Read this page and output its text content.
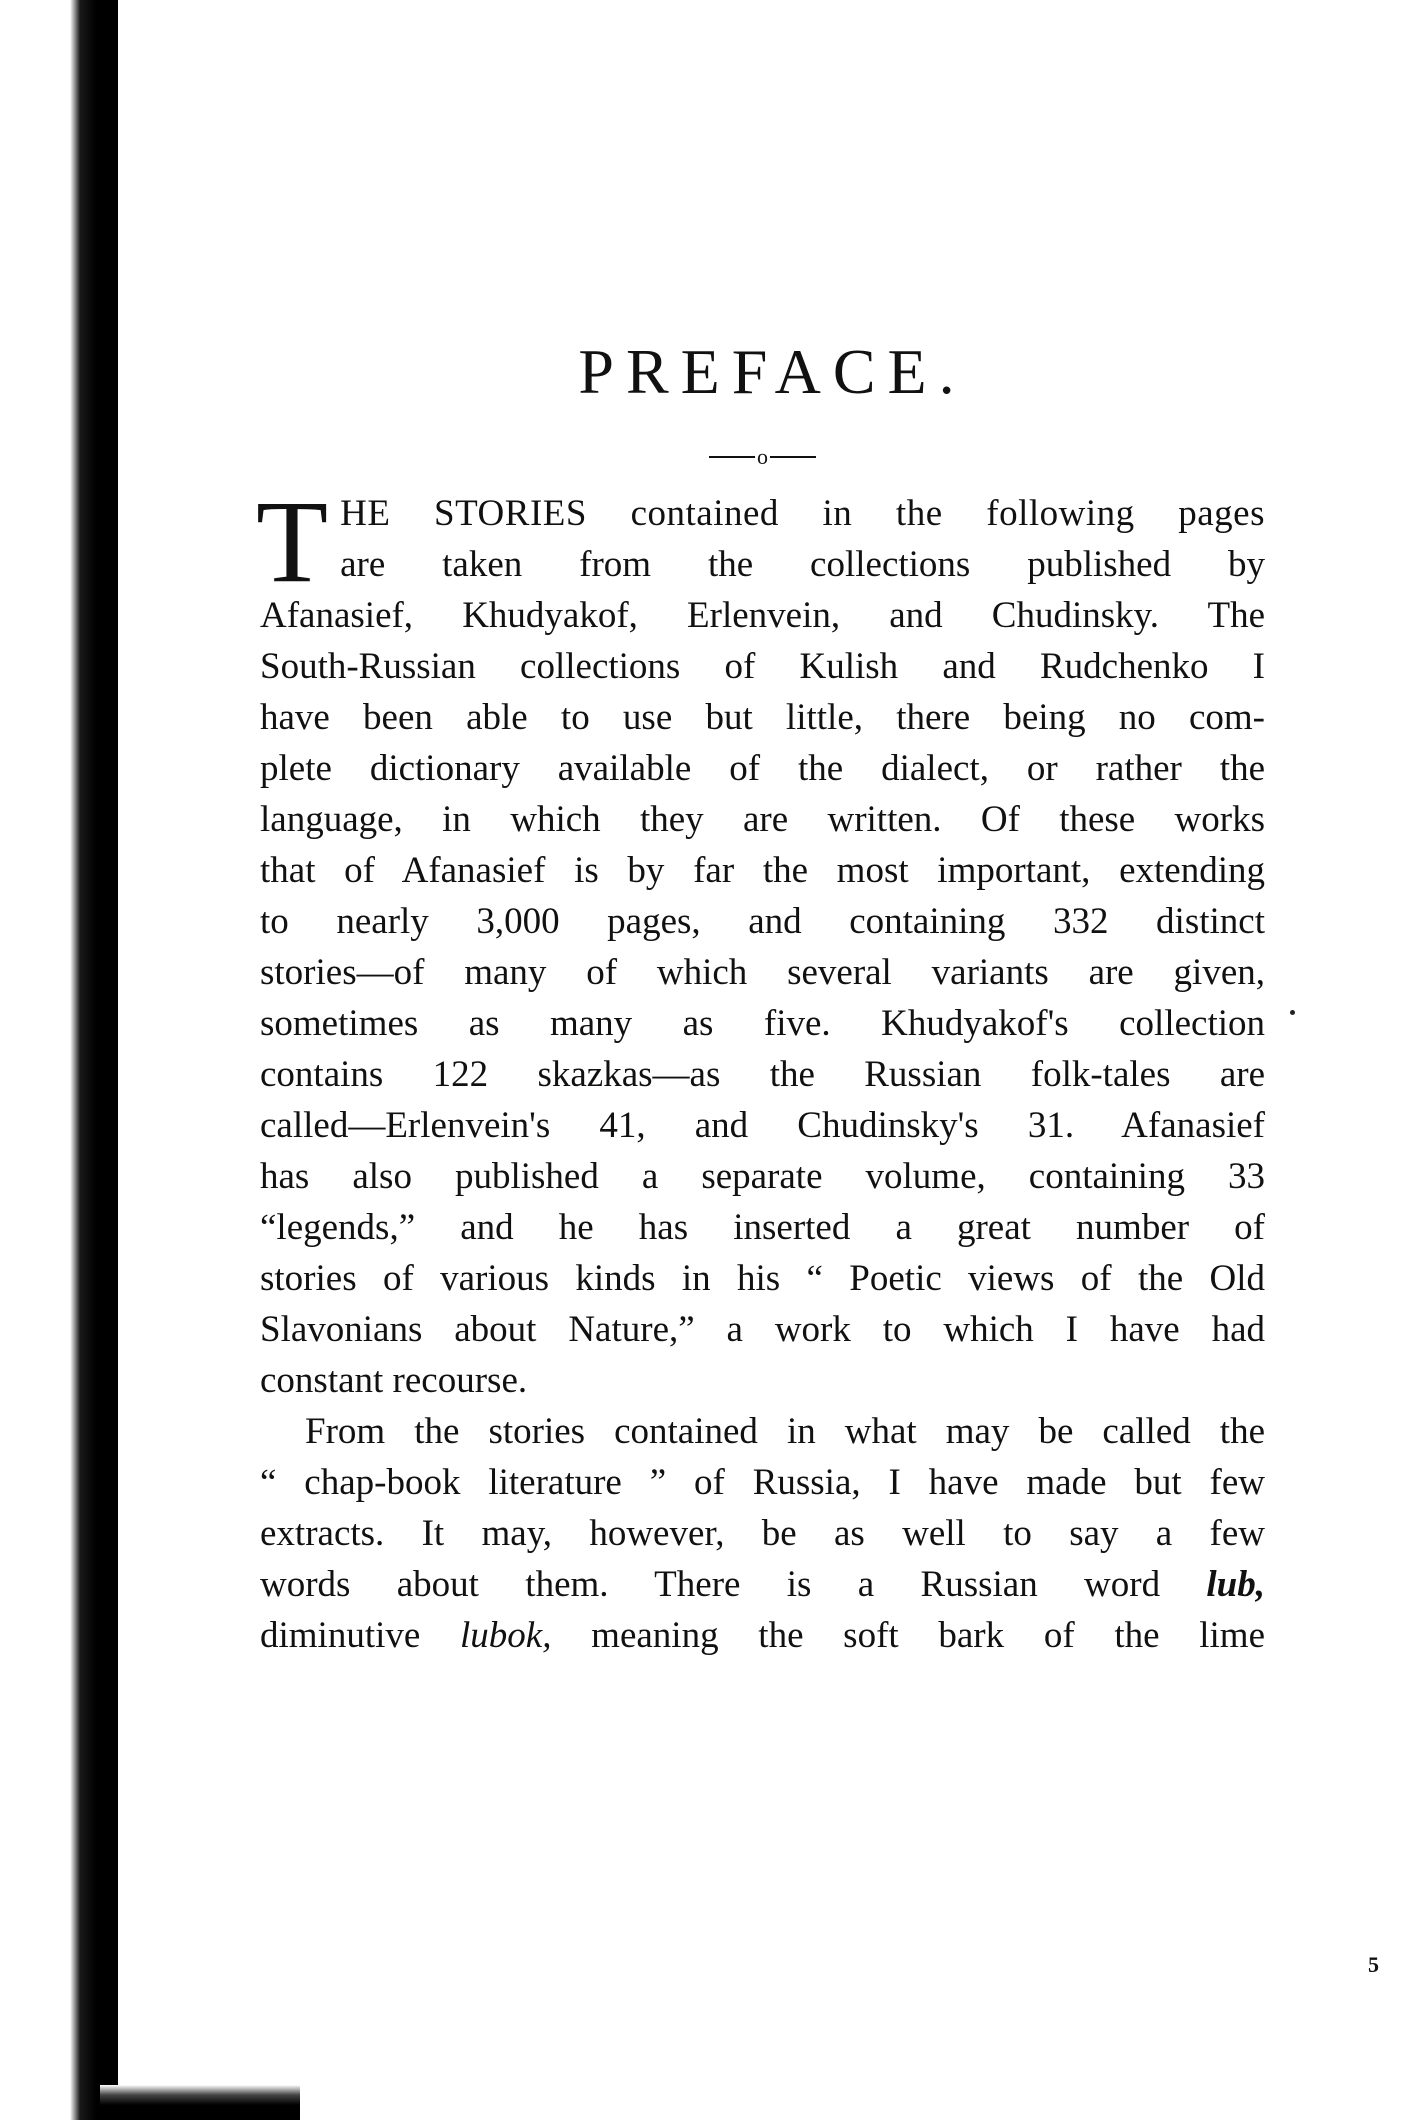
PREFACE.
o
T HE STORIES contained in the following pages
are taken from the collections published by
Afanasief, Khudyakof, Erlenvein, and Chudinsky. The
South-Russian collections of Kulish and Rudchenko I
have been able to use but little, there being no com-
plete dictionary available of the dialect, or rather the
language, in which they are written. Of these works
that of Afanasief is by far the most important, extending
to nearly 3,000 pages, and containing 332 distinct
stories—of many of which several variants are given,
sometimes as many as five. Khudyakof's collection
contains 122 skazkas—as the Russian folk-tales are
called—Erlenvein's 41, and Chudinsky's 31. Afanasief
has also published a separate volume, containing 33
“legends,” and he has inserted a great number of
stories of various kinds in his “ Poetic views of the Old
Slavonians about Nature,” a work to which I have had
constant recourse.
From the stories contained in what may be called the
“ chap-book literature ” of Russia, I have made but few
extracts. It may, however, be as well to say a few
words about them. There is a Russian word lub,
diminutive lubok, meaning the soft bark of the lime
5
